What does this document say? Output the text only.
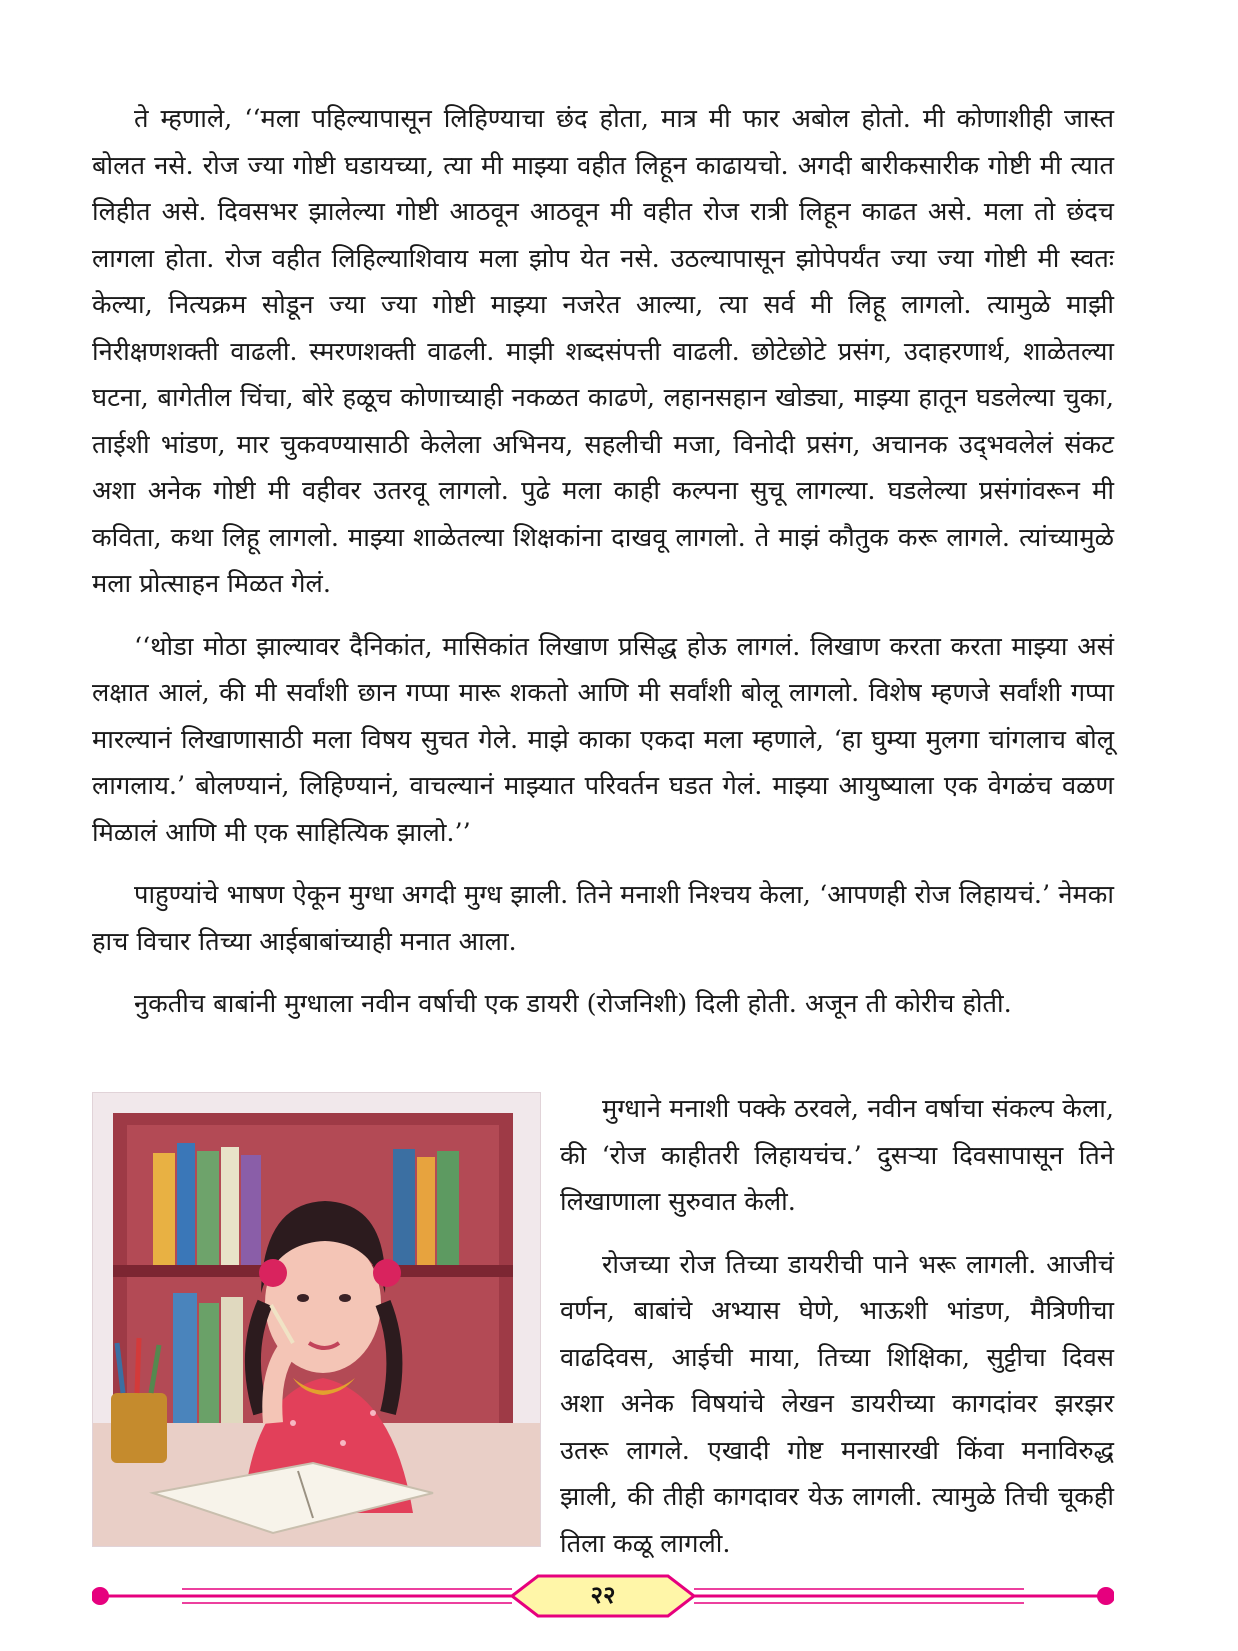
ते म्हणाले, ‘‘मला पहिल्यापासून लिहिण्याचा छंद होता, मात्र मी फार अबोल होतो. मी कोणाशीही जास्त बोलत नसे. रोज ज्या गोष्टी घडायच्या, त्या मी माझ्या वहीत लिहून काढायचो. अगदी बारीकसारीक गोष्टी मी त्यात लिहीत असे. दिवसभर झालेल्या गोष्टी आठवून आठवून मी वहीत रोज रात्री लिहून काढत असे. मला तो छंदच लागला होता. रोज वहीत लिहिल्याशिवाय मला झोप येत नसे. उठल्यापासून झोपेपर्यंत ज्या ज्या गोष्टी मी स्वतः केल्या, नित्यक्रम सोडून ज्या ज्या गोष्टी माझ्या नजरेत आल्या, त्या सर्व मी लिहू लागलो. त्यामुळे माझी निरीक्षणशक्ती वाढली. स्मरणशक्ती वाढली. माझी शब्दसंपत्ती वाढली. छोटेछोटे प्रसंग, उदाहरणार्थ, शाळेतल्या घटना, बागेतील चिंचा, बोरे हळूच कोणाच्याही नकळत काढणे, लहानसहान खोड्या, माझ्या हातून घडलेल्या चुका, ताईशी भांडण, मार चुकवण्यासाठी केलेला अभिनय, सहलीची मजा, विनोदी प्रसंग, अचानक उद्‌भवलेलं संकट अशा अनेक गोष्टी मी वहीवर उतरवू लागलो. पुढे मला काही कल्पना सुचू लागल्या. घडलेल्या प्रसंगांवरून मी कविता, कथा लिहू लागलो. माझ्या शाळेतल्या शिक्षकांना दाखवू लागलो. ते माझं कौतुक करू लागले. त्यांच्यामुळे मला प्रोत्साहन मिळत गेलं.

‘‘थोडा मोठा झाल्यावर दैनिकांत, मासिकांत लिखाण प्रसिद्ध होऊ लागलं. लिखाण करता करता माझ्या असं लक्षात आलं, की मी सर्वांशी छान गप्पा मारू शकतो आणि मी सर्वांशी बोलू लागलो. विशेष म्हणजे सर्वांशी गप्पा मारल्यानं लिखाणासाठी मला विषय सुचत गेले. माझे काका एकदा मला म्हणाले, ‘हा घुम्या मुलगा चांगलाच बोलू लागलाय.’ बोलण्यानं, लिहिण्यानं, वाचल्यानं माझ्यात परिवर्तन घडत गेलं. माझ्या आयुष्याला एक वेगळंच वळण मिळालं आणि मी एक साहित्यिक झालो.’’

पाहुण्यांचे भाषण ऐकून मुग्धा अगदी मुग्ध झाली. तिने मनाशी निश्चय केला, ‘आपणही रोज लिहायचं.’ नेमका हाच विचार तिच्या आईबाबांच्याही मनात आला.

नुकतीच बाबांनी मुग्धाला नवीन वर्षाची एक डायरी (रोजनिशी) दिली होती. अजून ती कोरीच होती.

मुग्धाने मनाशी पक्के ठरवले, नवीन वर्षाचा संकल्प केला, की ‘रोज काहीतरी लिहायचंच.’ दुसऱ्या दिवसापासून तिने लिखाणाला सुरुवात केली.

रोजच्या रोज तिच्या डायरीची पाने भरू लागली. आजीचं वर्णन, बाबांचे अभ्यास घेणे, भाऊशी भांडण, मैत्रिणीचा वाढदिवस, आईची माया, तिच्या शिक्षिका, सुट्टीचा दिवस अशा अनेक विषयांचे लेखन डायरीच्या कागदांवर झरझर उतरू लागले. एखादी गोष्ट मनासारखी किंवा मनाविरुद्ध झाली, की तीही कागदावर येऊ लागली. त्यामुळे तिची चूकही तिला कळू लागली.

२२
